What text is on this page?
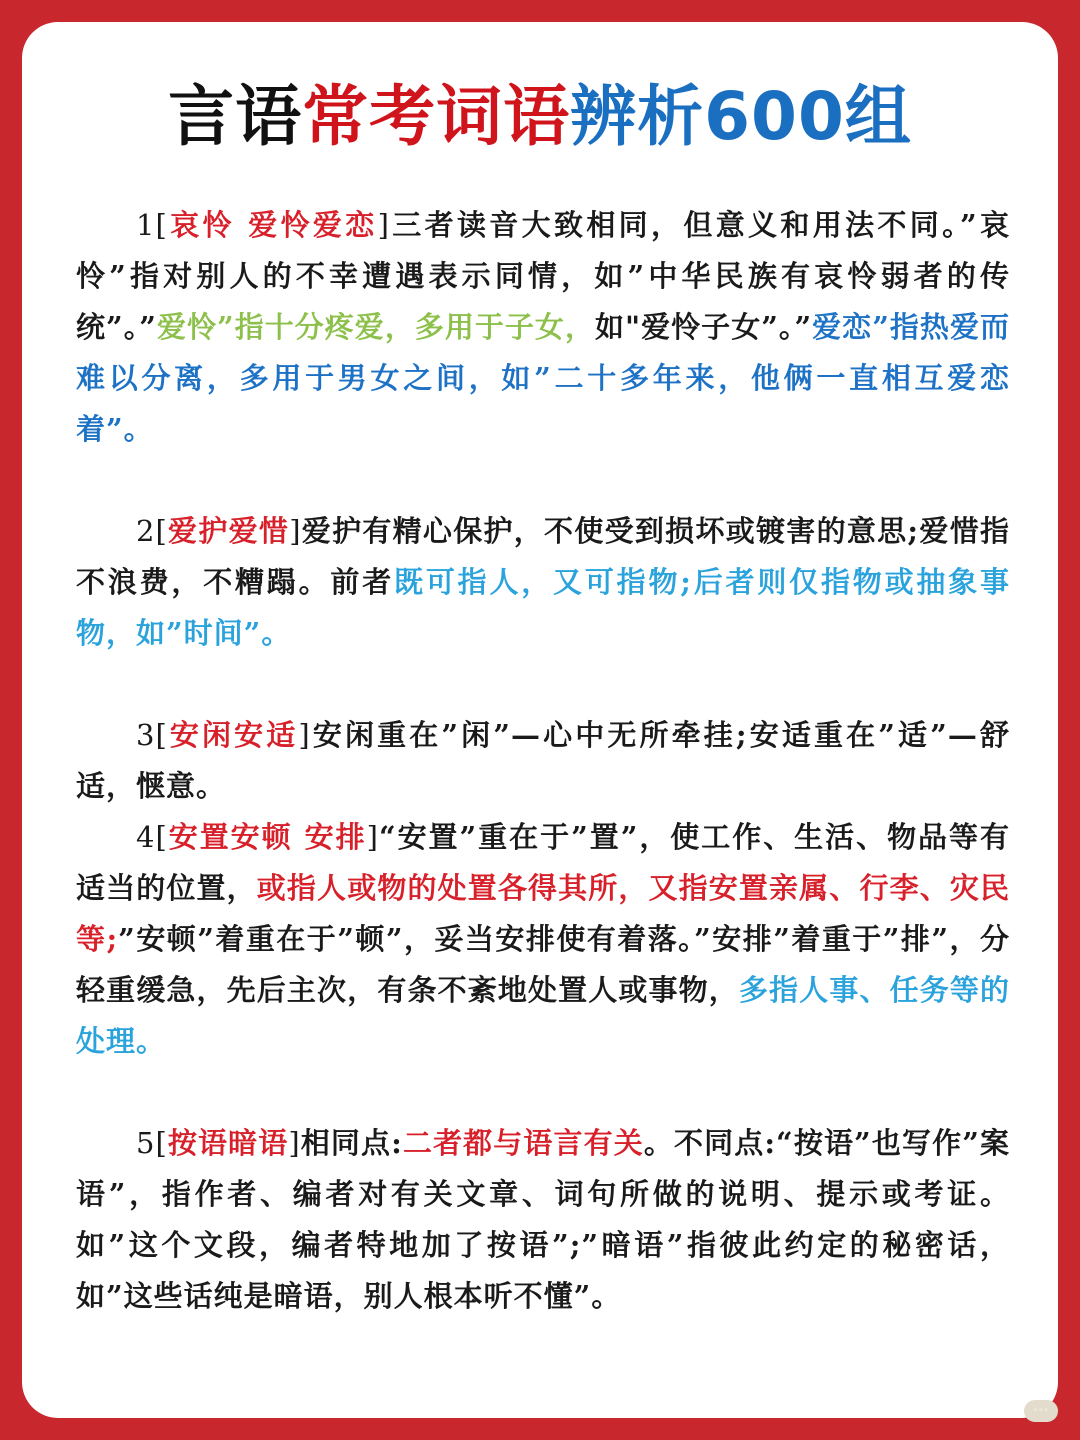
言语常考词语辨析600组

1[哀怜 爱怜爱恋]三者读音大致相同，但意义和用法不同。”哀怜”指对别人的不幸遭遇表示同情，如”中华民族有哀怜弱者的传统”。”爱怜”指十分疼爱，多用于子女，如"爱怜子女”。”爱恋”指热爱而难以分离，多用于男女之间，如”二十多年来，他俩一直相互爱恋着”。

2[爱护爱惜]爱护有精心保护，不使受到损坏或镀害的意思;爱惜指不浪费，不糟蹋。前者既可指人，又可指物;后者则仅指物或抽象事物，如”时间”。

3[安闲安适]安闲重在”闲”—心中无所牵挂;安适重在”适”—舒适，惬意。

4[安置安顿 安排]“安置”重在于”置”，使工作、生活、物品等有适当的位置，或指人或物的处置各得其所，又指安置亲属、行李、灾民等;”安顿”着重在于”顿”，妥当安排使有着落。”安排”着重于”排”，分轻重缓急，先后主次，有条不紊地处置人或事物，多指人事、任务等的处理。

5[按语暗语]相同点:二者都与语言有关。不同点:“按语”也写作”案语”，指作者、编者对有关文章、词句所做的说明、提示或考证。如”这个文段，编者特地加了按语”;”暗语”指彼此约定的秘密话，如”这些话纯是暗语，别人根本听不懂”。

◦◦◦
